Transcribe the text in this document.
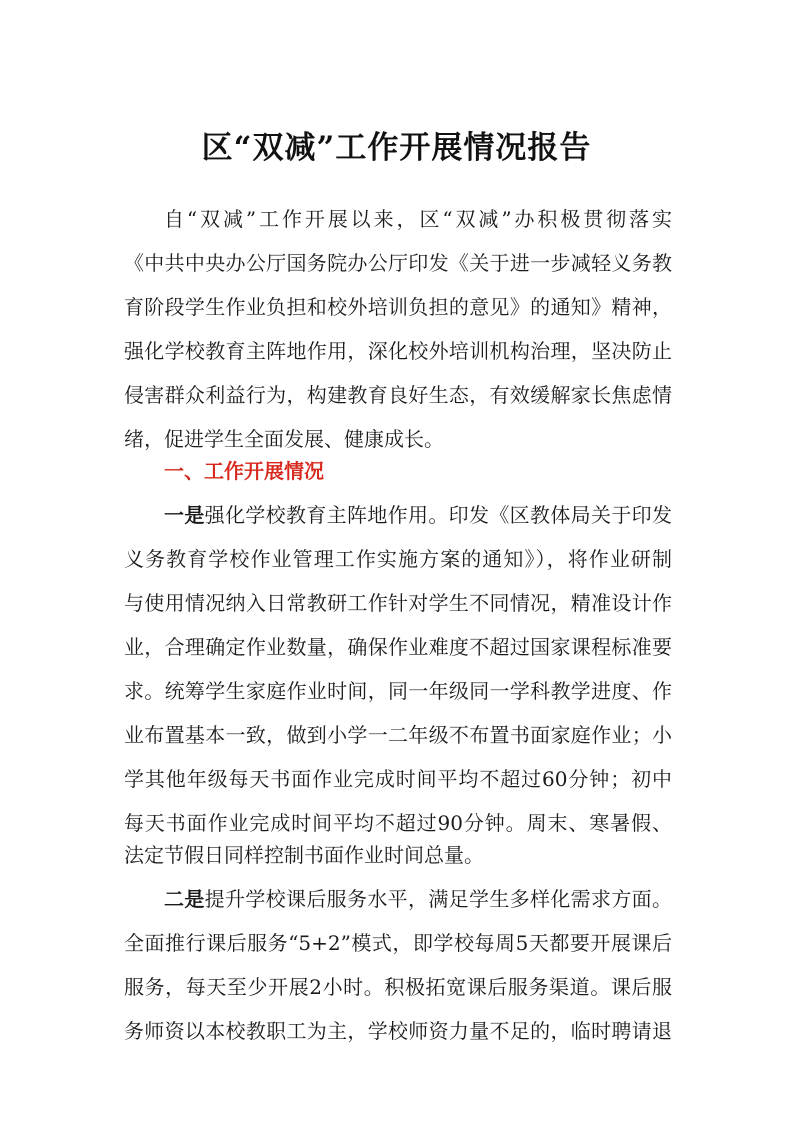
区“双减”工作开展情况报告

自“双减”工作开展以来，区“双减”办积极贯彻落实

《中共中央办公厅国务院办公厅印发《关于进一步减轻义务教

育阶段学生作业负担和校外培训负担的意见》的通知》精神，

强化学校教育主阵地作用，深化校外培训机构治理，坚决防止

侵害群众利益行为，构建教育良好生态，有效缓解家长焦虑情

绪，促进学生全面发展、健康成长。

一、工作开展情况

一是强化学校教育主阵地作用。印发《区教体局关于印发

义务教育学校作业管理工作实施方案的通知》），将作业研制

与使用情况纳入日常教研工作针对学生不同情况，精准设计作

业，合理确定作业数量，确保作业难度不超过国家课程标准要

求。统筹学生家庭作业时间，同一年级同一学科教学进度、作

业布置基本一致，做到小学一二年级不布置书面家庭作业；小

学其他年级每天书面作业完成时间平均不超过60分钟；初中

每天书面作业完成时间平均不超过90分钟。周末、寒暑假、

法定节假日同样控制书面作业时间总量。

二是提升学校课后服务水平，满足学生多样化需求方面。

全面推行课后服务“5+2”模式，即学校每周5天都要开展课后

服务，每天至少开展2小时。积极拓宽课后服务渠道。课后服

务师资以本校教职工为主，学校师资力量不足的，临时聘请退
